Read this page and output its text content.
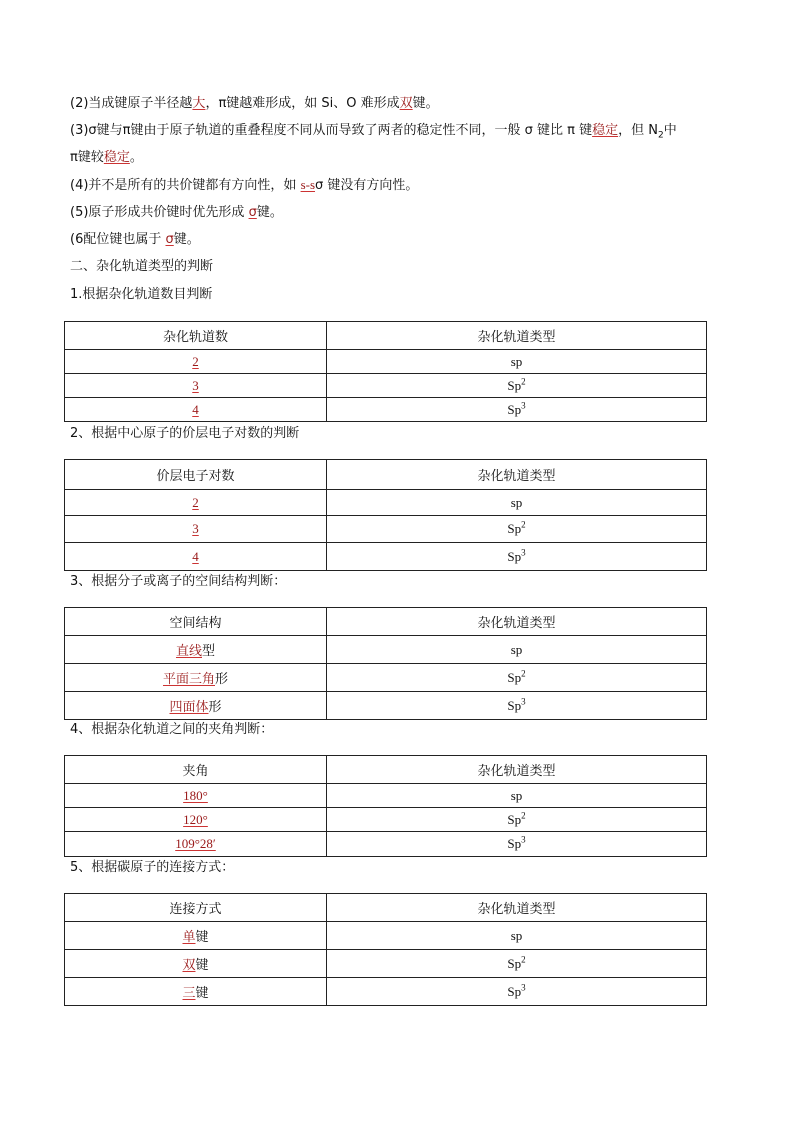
(2)当成键原子半径越大，π键越难形成，如 Si、O 难形成双键。
(3)σ键与π键由于原子轨道的重叠程度不同从而导致了两者的稳定性不同，一般 σ 键比 π 键稳定，但 $N_2$中
π键较稳定。
(4)并不是所有的共价键都有方向性，如 s-sσ 键没有方向性。
(5)原子形成共价键时优先形成 σ键。
(6配位键也属于 σ键。
二、杂化轨道类型的判断
1.根据杂化轨道数目判断
杂化轨道数	杂化轨道类型
2	sp
3	Sp$^2$
4	Sp$^3$
2、根据中心原子的价层电子对数的判断
价层电子对数	杂化轨道类型
2	sp
3	Sp$^2$
4	Sp$^3$
3、根据分子或离子的空间结构判断：
空间结构	杂化轨道类型
直线型	sp
平面三角形	Sp$^2$
四面体形	Sp$^3$
4、根据杂化轨道之间的夹角判断：
夹角	杂化轨道类型
180°	sp
120°	Sp$^2$
109°28′	Sp$^3$
5、根据碳原子的连接方式：
连接方式	杂化轨道类型
单键	sp
双键	Sp$^2$
三键	Sp$^3$
